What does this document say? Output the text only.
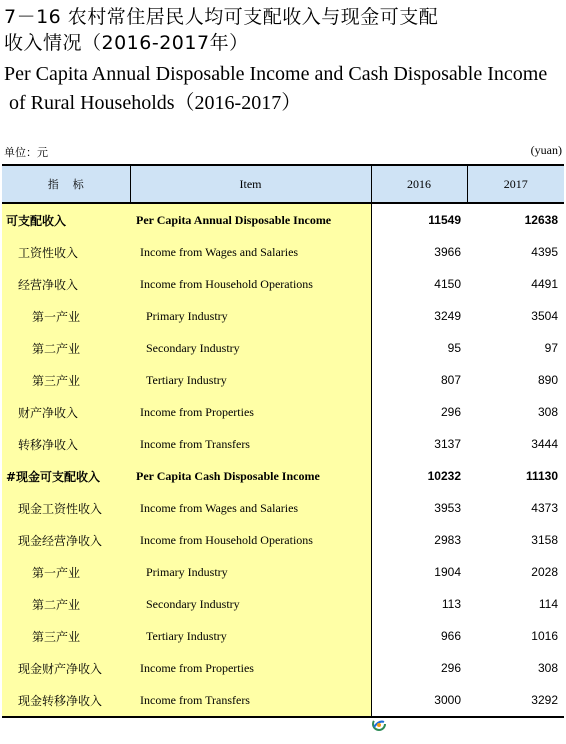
7－16 农村常住居民人均可支配收入与现金可支配
收入情况（2016-2017年）
Per Capita Annual Disposable Income and Cash Disposable Income
of Rural Households（2016-2017）
单位：元	(yuan)
指    标	Item	2016	2017
可支配收入	Per Capita Annual Disposable Income	11549	12638
工资性收入	Income from Wages and Salaries	3966	4395
经营净收入	Income from Household Operations	4150	4491
第一产业	Primary Industry	3249	3504
第二产业	Secondary Industry	95	97
第三产业	Tertiary Industry	807	890
财产净收入	Income from Properties	296	308
转移净收入	Income from Transfers	3137	3444
#现金可支配收入	Per Capita Cash Disposable Income	10232	11130
现金工资性收入	Income from Wages and Salaries	3953	4373
现金经营净收入	Income from Household Operations	2983	3158
第一产业	Primary Industry	1904	2028
第二产业	Secondary Industry	113	114
第三产业	Tertiary Industry	966	1016
现金财产净收入	Income from Properties	296	308
现金转移净收入	Income from Transfers	3000	3292
